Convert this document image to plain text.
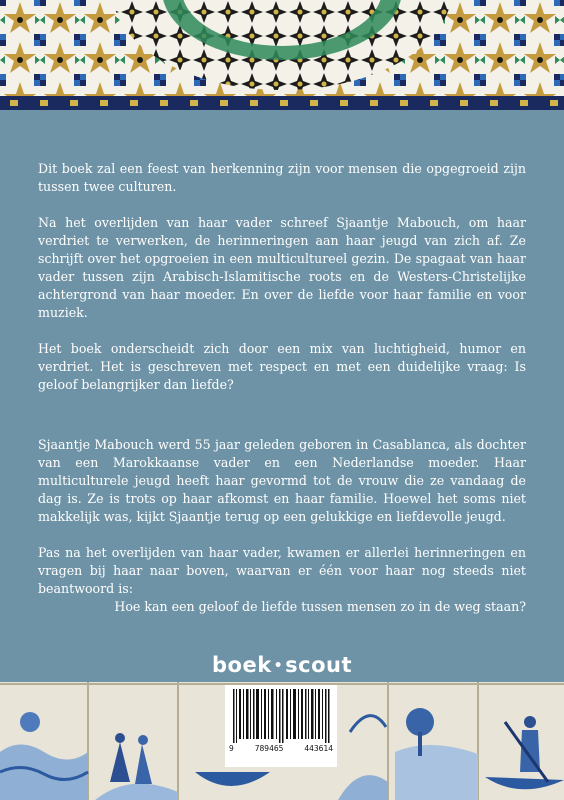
Dit boek zal een feest van herkenning zijn voor mensen die opgegroeid zijn tussen twee culturen.

Na het overlijden van haar vader schreef Sjaantje Mabouch, om haar verdriet te verwerken, de herinneringen aan haar jeugd van zich af. Ze schrijft over het opgroeien in een multicultureel gezin. De spagaat van haar vader tussen zijn Arabisch-Islamitische roots en de Westers-Christelijke achtergrond van haar moeder. En over de liefde voor haar familie en voor muziek.

Het boek onderscheidt zich door een mix van luchtigheid, humor en verdriet. Het is geschreven met respect en met een duidelijke vraag: Is geloof belangrijker dan liefde?

Sjaantje Mabouch werd 55 jaar geleden geboren in Casablanca, als dochter van een Marokkaanse vader en een Nederlandse moeder. Haar multiculturele jeugd heeft haar gevormd tot de vrouw die ze vandaag de dag is. Ze is trots op haar afkomst en haar familie. Hoewel het soms niet makkelijk was, kijkt Sjaantje terug op een gelukkige en liefdevolle jeugd.

Pas na het overlijden van haar vader, kwamen er allerlei herinneringen en vragen bij haar naar boven, waarvan er één voor haar nog steeds niet beantwoord is:

Hoe kan een geloof de liefde tussen mensen zo in de weg staan?

boek •scout
9	789465	443614
